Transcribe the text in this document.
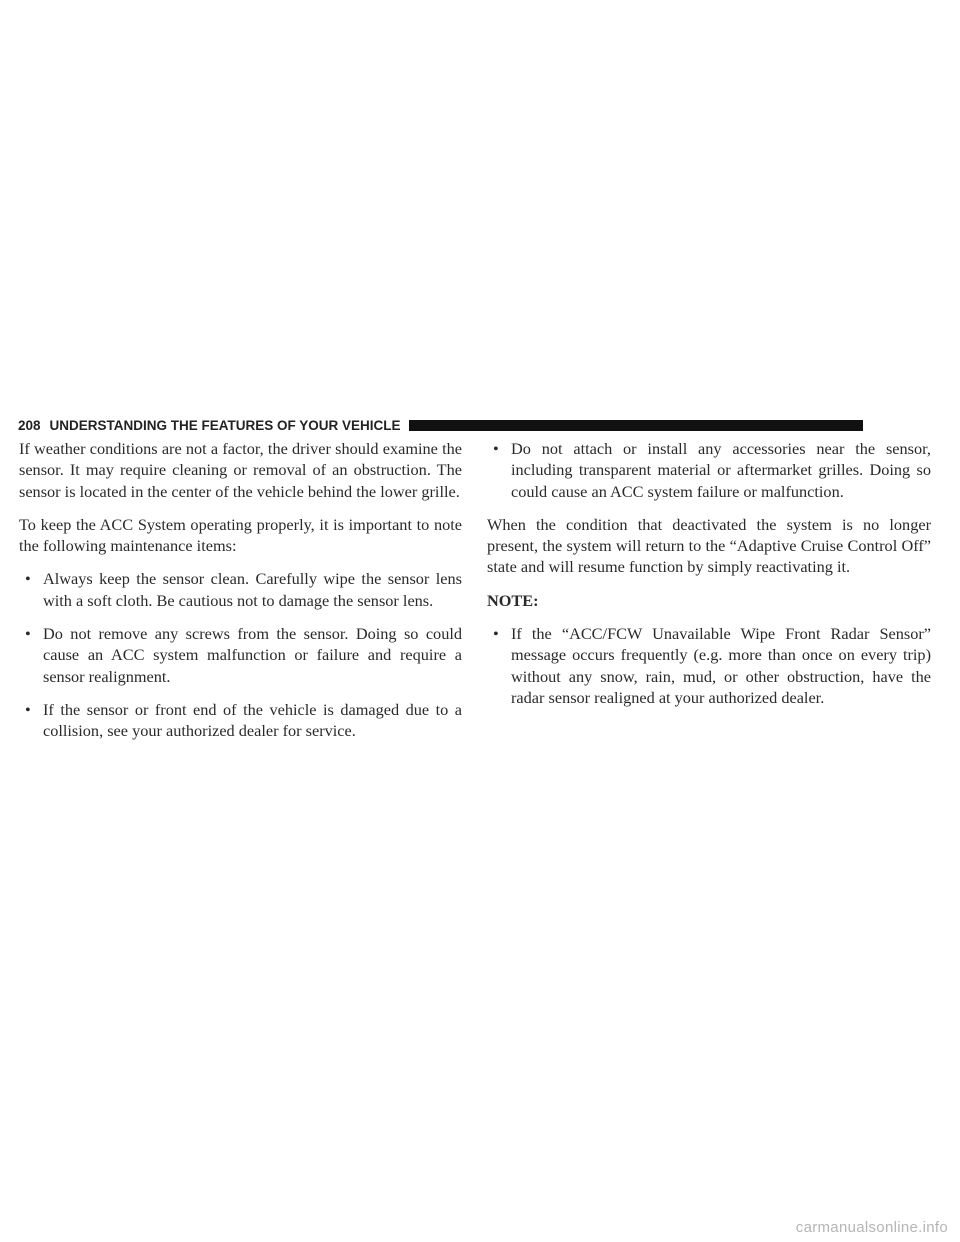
208 UNDERSTANDING THE FEATURES OF YOUR VEHICLE

If weather conditions are not a factor, the driver should examine the sensor. It may require cleaning or removal of an obstruction. The sensor is located in the center of the vehicle behind the lower grille.

To keep the ACC System operating properly, it is important to note the following maintenance items:

• Always keep the sensor clean. Carefully wipe the sensor lens with a soft cloth. Be cautious not to damage the sensor lens.
• Do not remove any screws from the sensor. Doing so could cause an ACC system malfunction or failure and require a sensor realignment.
• If the sensor or front end of the vehicle is damaged due to a collision, see your authorized dealer for service.
• Do not attach or install any accessories near the sensor, including transparent material or aftermarket grilles. Doing so could cause an ACC system failure or malfunction.

When the condition that deactivated the system is no longer present, the system will return to the “Adaptive Cruise Control Off” state and will resume function by simply reactivating it.

NOTE:
• If the “ACC/FCW Unavailable Wipe Front Radar Sensor” message occurs frequently (e.g. more than once on every trip) without any snow, rain, mud, or other obstruction, have the radar sensor realigned at your authorized dealer.
carmanualsonline.info
